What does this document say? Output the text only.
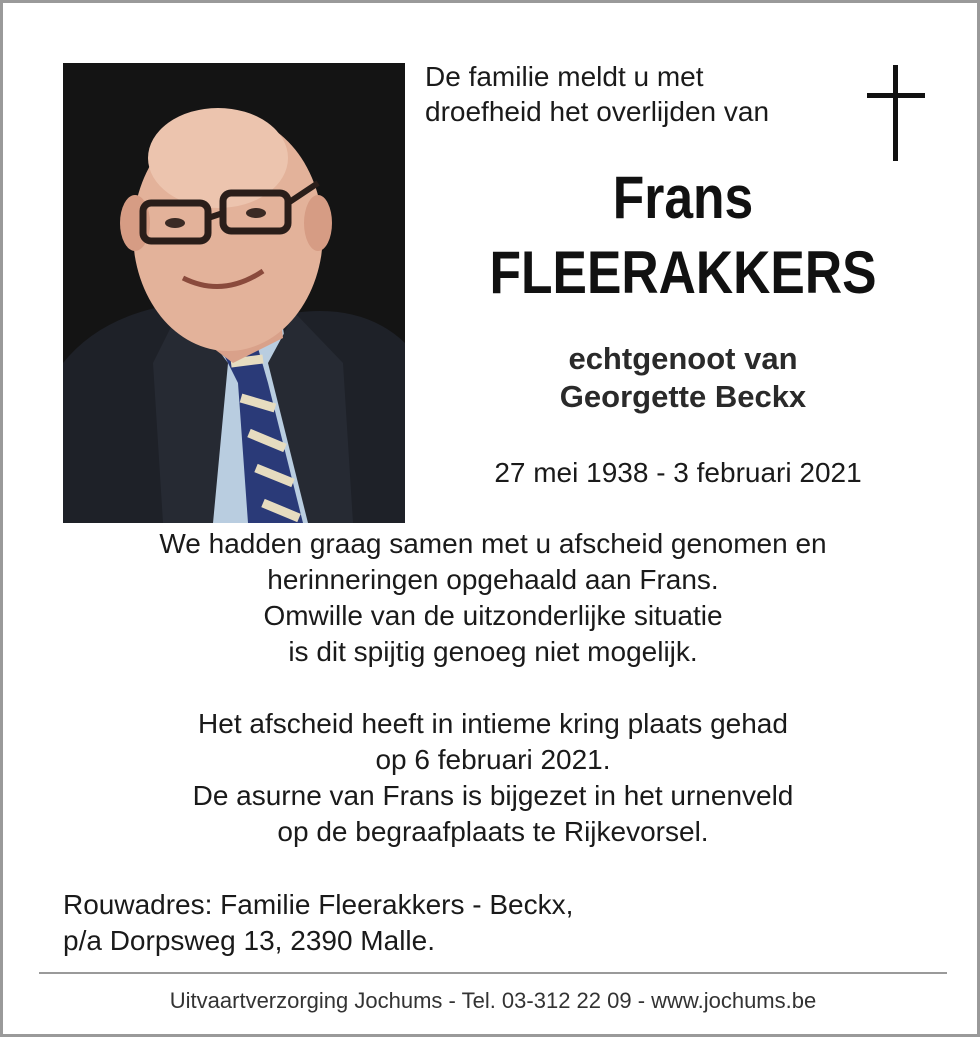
De familie meldt u met
droefheid het overlijden van
Frans
FLEERAKKERS
echtgenoot van
Georgette Beckx
27 mei 1938 - 3 februari 2021
We hadden graag samen met u afscheid genomen en
herinneringen opgehaald aan Frans.
Omwille van de uitzonderlijke situatie
is dit spijtig genoeg niet mogelijk.
Het afscheid heeft in intieme kring plaats gehad
op 6 februari 2021.
De asurne van Frans is bijgezet in het urnenveld
op de begraafplaats te Rijkevorsel.
Rouwadres: Familie Fleerakkers - Beckx,
p/a Dorpsweg 13, 2390 Malle.
Uitvaartverzorging Jochums - Tel. 03-312 22 09 - www.jochums.be
